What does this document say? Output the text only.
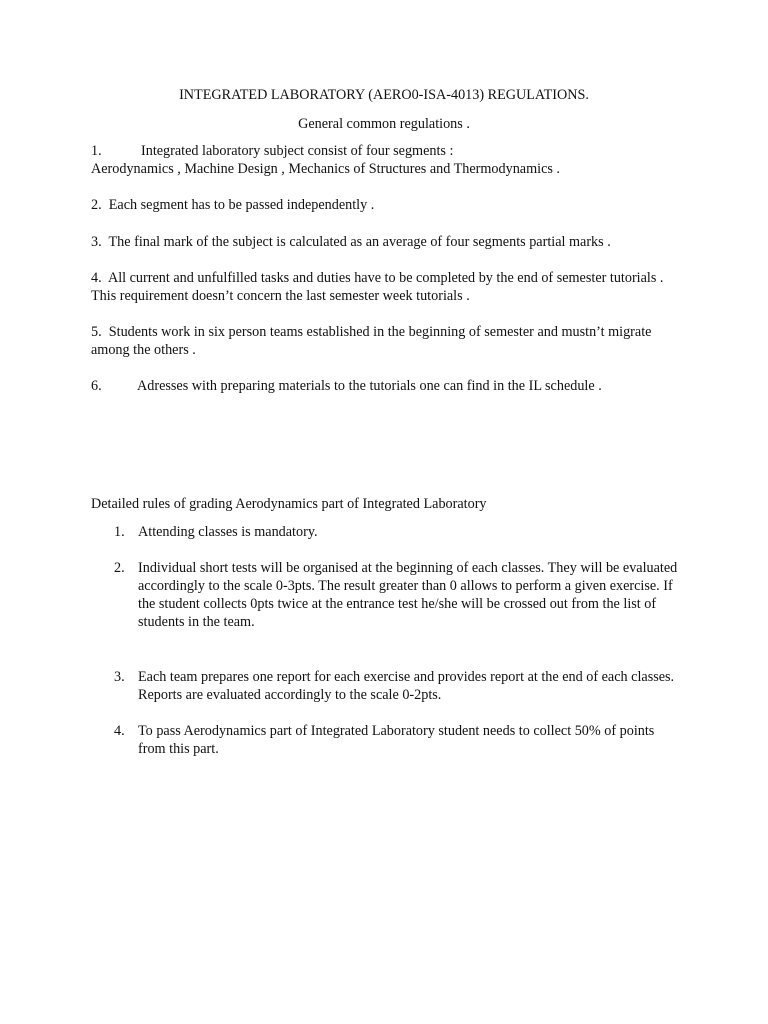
INTEGRATED LABORATORY (AERO0-ISA-4013) REGULATIONS.
General common regulations .
1.	Integrated laboratory subject consist of four segments :
Aerodynamics , Machine Design , Mechanics of Structures and Thermodynamics .
2. Each segment has to be passed independently .
3. The final mark of the subject is calculated as an average of four segments partial marks .
4. All current and unfulfilled tasks and duties have to be completed by the end of semester tutorials . This requirement doesn’t concern the last semester week tutorials .
5. Students work in six person teams established in the beginning of semester and mustn’t migrate among the others .
6. Adresses with preparing materials to the tutorials one can find in the IL schedule .
Detailed rules of grading Aerodynamics part of Integrated Laboratory
1. Attending classes is mandatory.
2. Individual short tests will be organised at the beginning of each classes. They will be evaluated accordingly to the scale 0-3pts. The result greater than 0 allows to perform a given exercise. If the student collects 0pts twice at the entrance test he/she will be crossed out from the list of students in the team.
3. Each team prepares one report for each exercise and provides report at the end of each classes. Reports are evaluated accordingly to the scale 0-2pts.
4. To pass Aerodynamics part of Integrated Laboratory student needs to collect 50% of points from this part.
